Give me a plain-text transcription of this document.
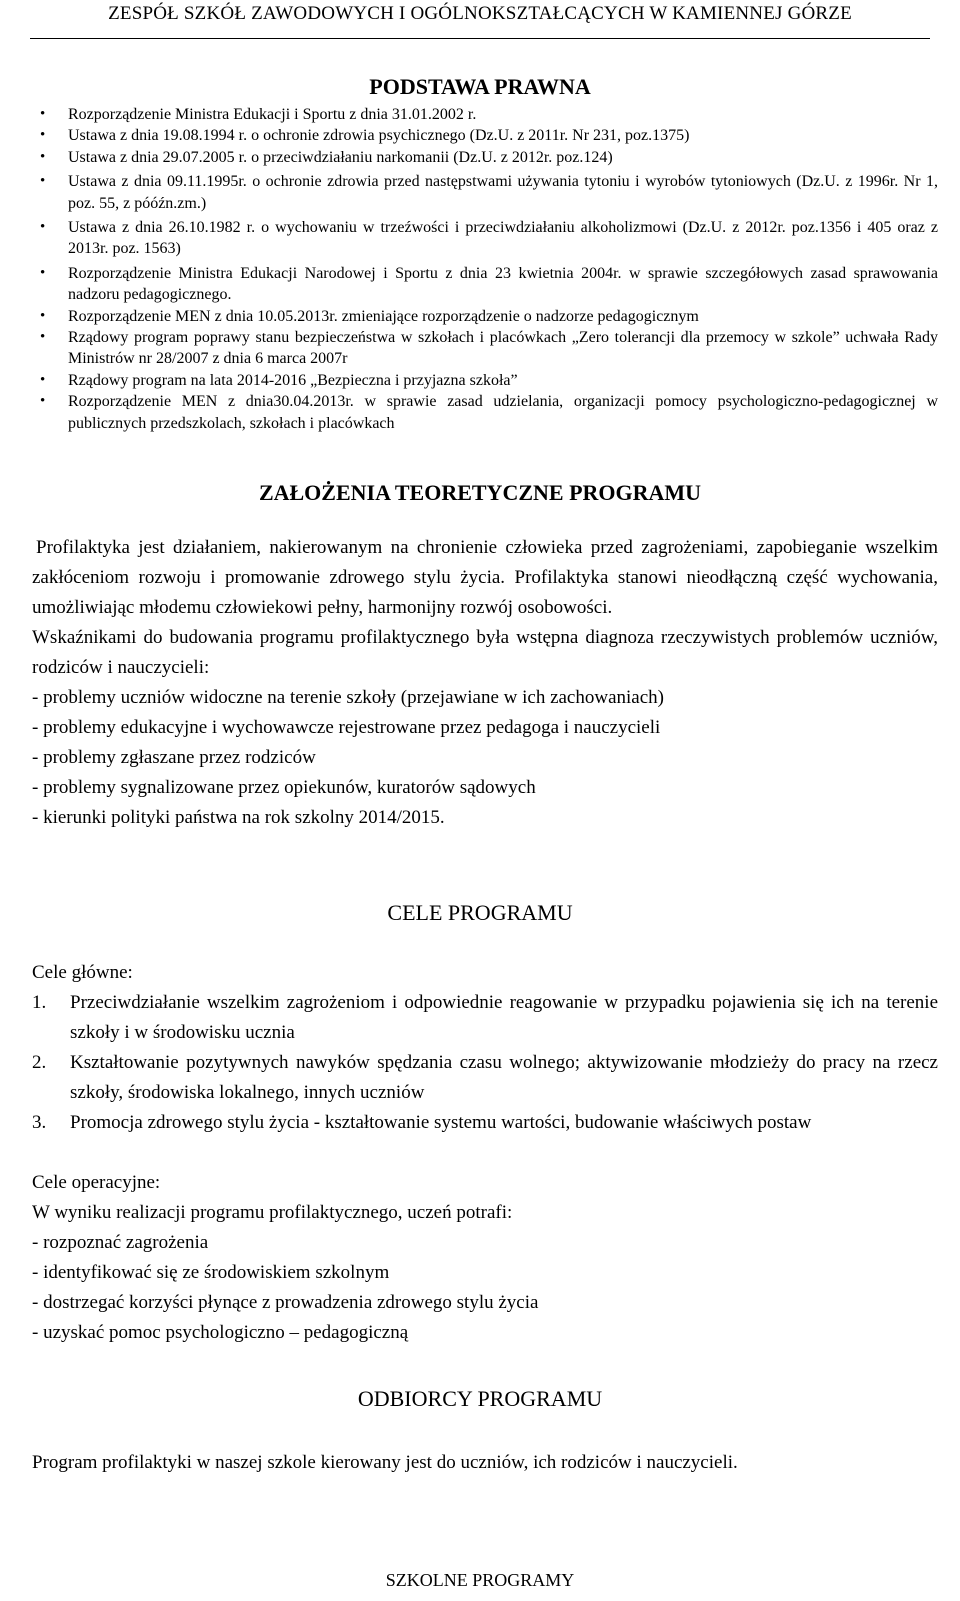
ZESPÓŁ SZKÓŁ ZAWODOWYCH I OGÓLNOKSZTAŁCĄCYCH W KAMIENNEJ GÓRZE
PODSTAWA PRAWNA
• Rozporządzenie Ministra Edukacji i Sportu z dnia 31.01.2002 r.
• Ustawa z dnia 19.08.1994 r. o ochronie zdrowia psychicznego (Dz.U. z 2011r. Nr 231, poz.1375)
• Ustawa z dnia 29.07.2005 r. o przeciwdziałaniu narkomanii (Dz.U. z 2012r. poz.124)
• Ustawa z dnia 09.11.1995r. o ochronie zdrowia przed następstwami używania tytoniu i wyrobów tytoniowych (Dz.U. z 1996r. Nr 1, poz. 55, z póóźn.zm.)
• Ustawa z dnia 26.10.1982 r. o wychowaniu w trzeźwości i przeciwdziałaniu alkoholizmowi (Dz.U. z 2012r. poz.1356 i 405 oraz z 2013r. poz. 1563)
• Rozporządzenie Ministra Edukacji Narodowej i Sportu z dnia 23 kwietnia 2004r. w sprawie szczegółowych zasad sprawowania nadzoru pedagogicznego.
• Rozporządzenie MEN z dnia 10.05.2013r. zmieniające rozporządzenie o nadzorze pedagogicznym
• Rządowy program poprawy stanu bezpieczeństwa w szkołach i placówkach „Zero tolerancji dla przemocy w szkole” uchwała Rady Ministrów nr 28/2007 z dnia 6 marca 2007r
• Rządowy program na lata 2014-2016 „Bezpieczna i przyjazna szkoła”
• Rozporządzenie MEN z dnia30.04.2013r. w sprawie zasad udzielania, organizacji pomocy psychologiczno-pedagogicznej w publicznych przedszkolach, szkołach i placówkach
ZAŁOŻENIA TEORETYCZNE PROGRAMU

Profilaktyka jest działaniem, nakierowanym na chronienie człowieka przed zagrożeniami, zapobieganie wszelkim zakłóceniom rozwoju i promowanie zdrowego stylu życia. Profilaktyka stanowi nieodłączną część wychowania, umożliwiając młodemu człowiekowi pełny, harmonijny rozwój osobowości.

Wskaźnikami do budowania programu profilaktycznego była wstępna diagnoza rzeczywistych problemów uczniów, rodziców i nauczycieli:

- problemy uczniów widoczne na terenie szkoły (przejawiane w ich zachowaniach)

- problemy edukacyjne i wychowawcze rejestrowane przez pedagoga i nauczycieli

- problemy zgłaszane przez rodziców

- problemy sygnalizowane przez opiekunów, kuratorów sądowych

- kierunki polityki państwa na rok szkolny 2014/2015.

CELE PROGRAMU

Cele główne:

1. Przeciwdziałanie wszelkim zagrożeniom i odpowiednie reagowanie w przypadku pojawienia się ich na terenie szkoły i w środowisku ucznia
2. Kształtowanie pozytywnych nawyków spędzania czasu wolnego; aktywizowanie młodzieży do pracy na rzecz szkoły, środowiska lokalnego, innych uczniów
3. Promocja zdrowego stylu życia - kształtowanie systemu wartości, budowanie właściwych postaw

Cele operacyjne:

W wyniku realizacji programu profilaktycznego, uczeń potrafi:

- rozpoznać zagrożenia

- identyfikować się ze środowiskiem szkolnym

- dostrzegać korzyści płynące z prowadzenia zdrowego stylu życia

- uzyskać pomoc psychologiczno – pedagogiczną

ODBIORCY PROGRAMU

Program profilaktyki w naszej szkole kierowany jest do uczniów, ich rodziców i nauczycieli.

SZKOLNE PROGRAMY
